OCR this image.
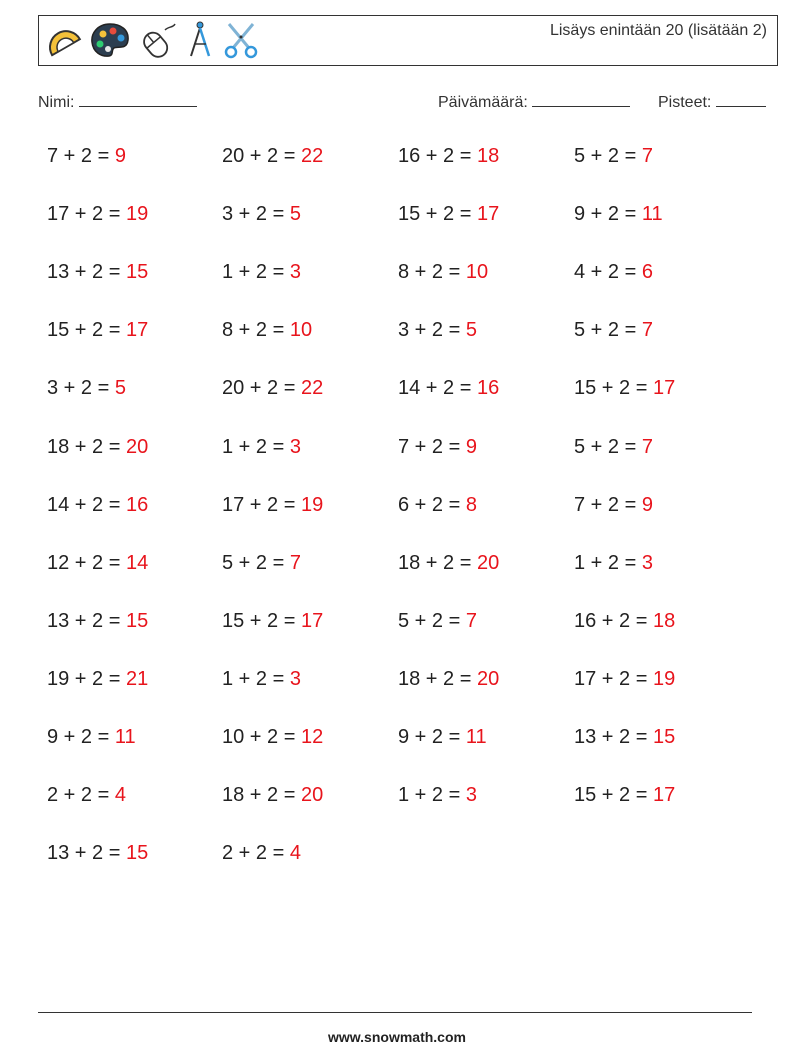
Lisäys enintään 20 (lisätään 2)
Nimi:	Päivämäärä:	Pisteet:
7 + 2 = 9	20 + 2 = 22	16 + 2 = 18	5 + 2 = 7
17 + 2 = 19	3 + 2 = 5	15 + 2 = 17	9 + 2 = 11
13 + 2 = 15	1 + 2 = 3	8 + 2 = 10	4 + 2 = 6
15 + 2 = 17	8 + 2 = 10	3 + 2 = 5	5 + 2 = 7
3 + 2 = 5	20 + 2 = 22	14 + 2 = 16	15 + 2 = 17
18 + 2 = 20	1 + 2 = 3	7 + 2 = 9	5 + 2 = 7
14 + 2 = 16	17 + 2 = 19	6 + 2 = 8	7 + 2 = 9
12 + 2 = 14	5 + 2 = 7	18 + 2 = 20	1 + 2 = 3
13 + 2 = 15	15 + 2 = 17	5 + 2 = 7	16 + 2 = 18
19 + 2 = 21	1 + 2 = 3	18 + 2 = 20	17 + 2 = 19
9 + 2 = 11	10 + 2 = 12	9 + 2 = 11	13 + 2 = 15
2 + 2 = 4	18 + 2 = 20	1 + 2 = 3	15 + 2 = 17
13 + 2 = 15	2 + 2 = 4
www.snowmath.com
